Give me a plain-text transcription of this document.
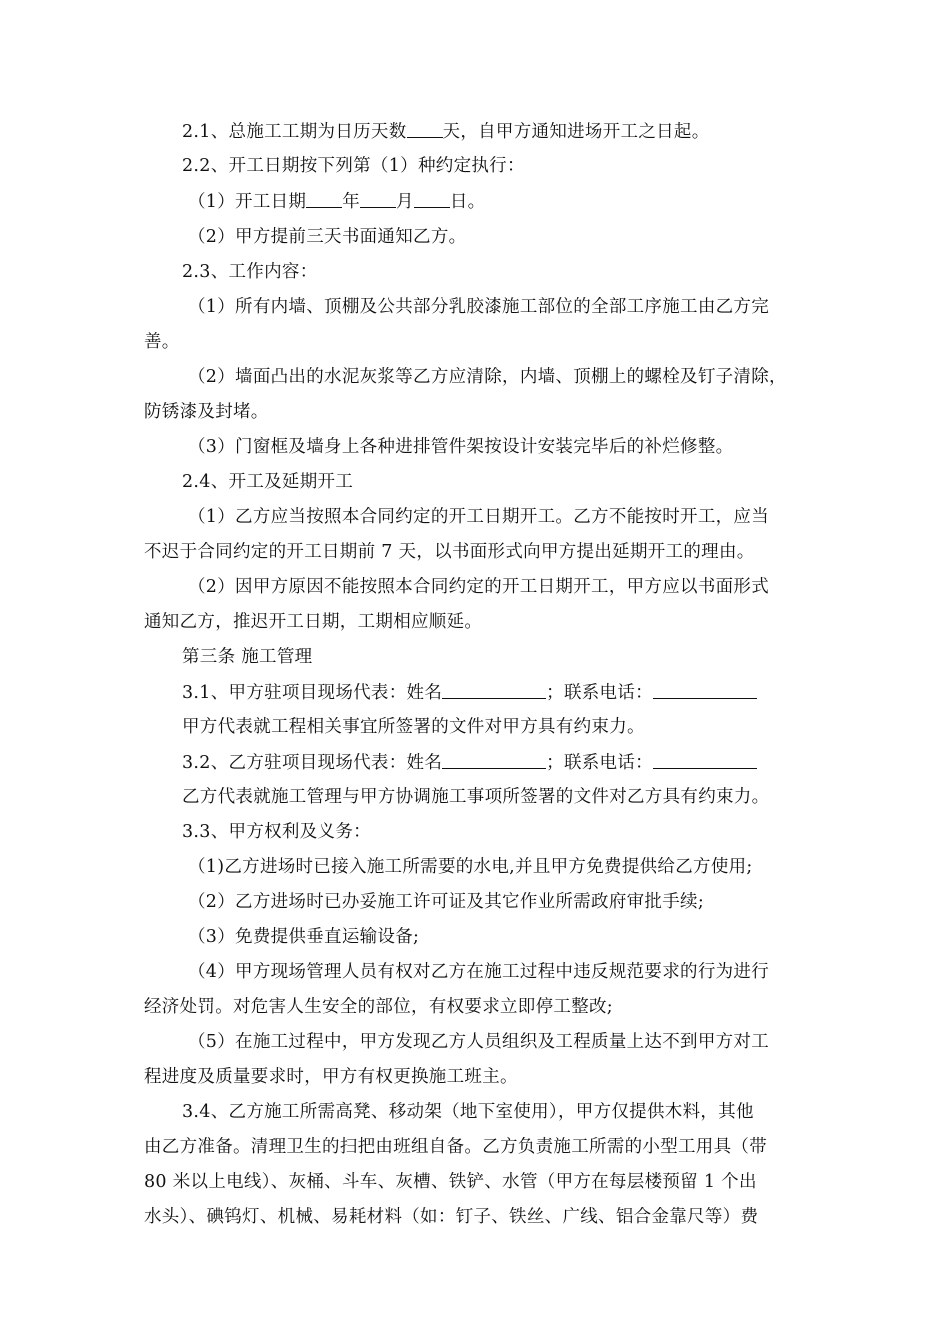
2.1、总施工工期为日历天数 天，自甲方通知进场开工之日起。
2.2、开工日期按下列第（1）种约定执行：
（1）开工日期 年 月 日。
（2）甲方提前三天书面通知乙方。
2.3、工作内容：
（1）所有内墙、顶棚及公共部分乳胶漆施工部位的全部工序施工由乙方完
善。
（2）墙面凸出的水泥灰浆等乙方应清除，内墙、顶棚上的螺栓及钉子清除，
防锈漆及封堵。
（3）门窗框及墙身上各种进排管件架按设计安装完毕后的补烂修整。
2.4、开工及延期开工
（1）乙方应当按照本合同约定的开工日期开工。乙方不能按时开工，应当
不迟于合同约定的开工日期前 7 天，以书面形式向甲方提出延期开工的理由。
（2）因甲方原因不能按照本合同约定的开工日期开工，甲方应以书面形式
通知乙方，推迟开工日期，工期相应顺延。
第三条 施工管理
3.1、甲方驻项目现场代表：姓名	；联系电话：
甲方代表就工程相关事宜所签署的文件对甲方具有约束力。
3.2、乙方驻项目现场代表：姓名	；联系电话：
乙方代表就施工管理与甲方协调施工事项所签署的文件对乙方具有约束力。
3.3、甲方权利及义务：
（1)乙方进场时已接入施工所需要的水电,并且甲方免费提供给乙方使用;
（2）乙方进场时已办妥施工许可证及其它作业所需政府审批手续;
（3）免费提供垂直运输设备;
（4）甲方现场管理人员有权对乙方在施工过程中违反规范要求的行为进行
经济处罚。对危害人生安全的部位，有权要求立即停工整改;
（5）在施工过程中，甲方发现乙方人员组织及工程质量上达不到甲方对工
程进度及质量要求时，甲方有权更换施工班主。
3.4、乙方施工所需高凳、移动架（地下室使用），甲方仅提供木料，其他
由乙方准备。清理卫生的扫把由班组自备。乙方负责施工所需的小型工用具（带
80 米以上电线）、灰桶、斗车、灰槽、铁铲、水管（甲方在每层楼预留 1 个出
水头）、碘钨灯、机械、易耗材料（如：钉子、铁丝、广线、铝合金靠尺等）费
